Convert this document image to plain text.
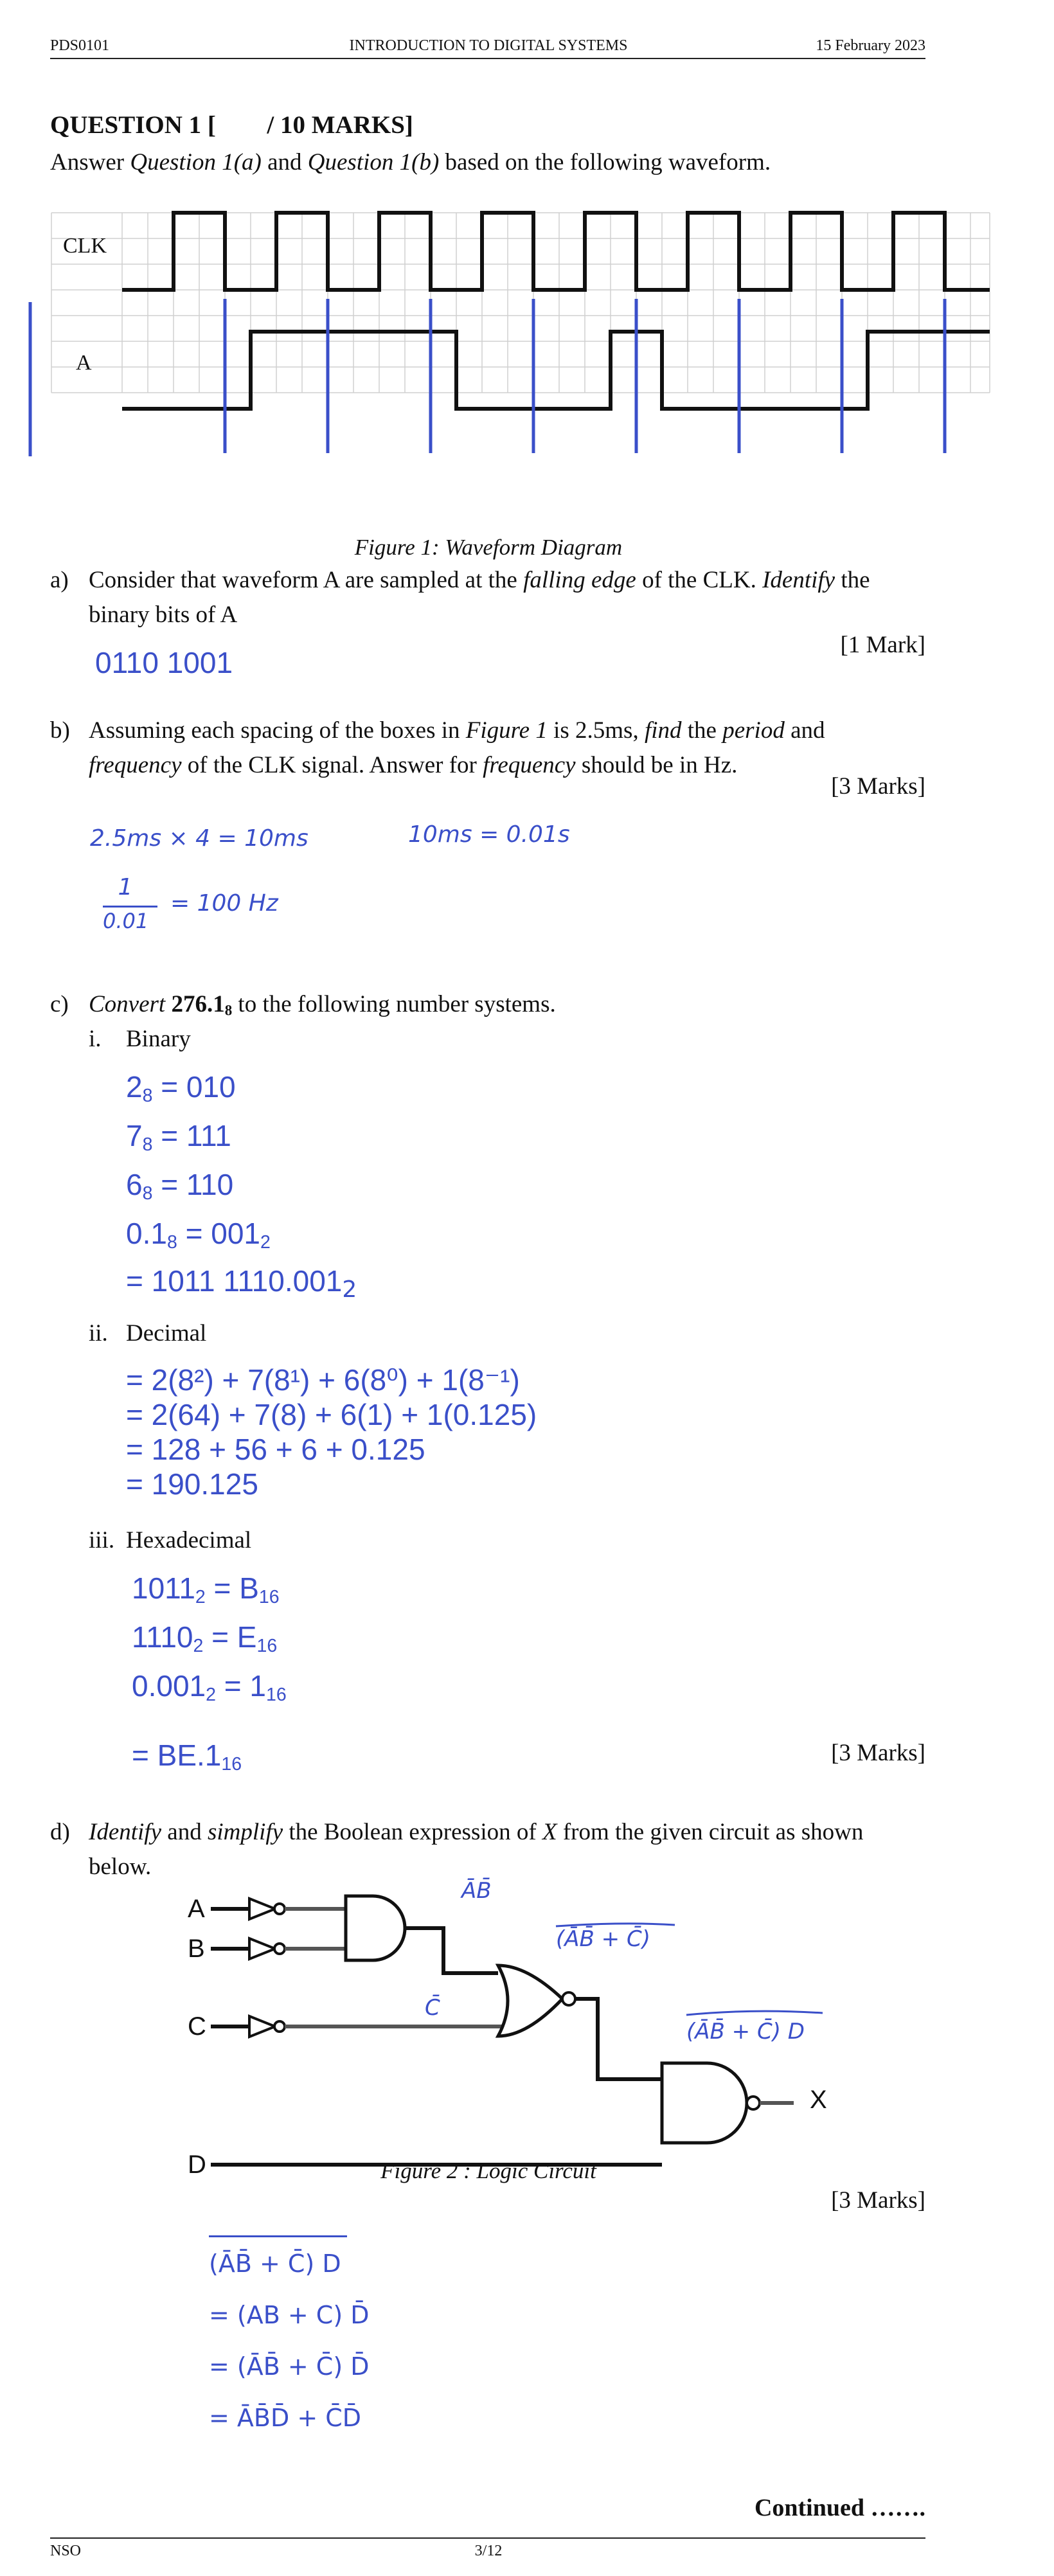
PDS0101	INTRODUCTION TO DIGITAL SYSTEMS	15 February 2023
QUESTION 1 [ / 10 MARKS]
Answer Question 1(a) and Question 1(b) based on the following waveform.
CLK
A
Figure 1: Waveform Diagram
a) Consider that waveform A are sampled at the falling edge of the CLK. Identify the
binary bits of A
0110 1001
[1 Mark]
b) Assuming each spacing of the boxes in Figure 1 is 2.5ms, find the period and
frequency of the CLK signal. Answer for frequency should be in Hz.
[3 Marks]
2.5ms × 4 = 10ms	10ms = 0.01s
1
0.01
= 100 Hz
c) Convert $276.1_8$ to the following number systems.
i. Binary
$2_8 = 010$
$7_8 = 111$
$6_8 = 110$
$0.1_8 = 001_2$
= 1011 $1110.001_2$
ii. Decimal
= 2(8²) + 7(8¹) + 6(8⁰) + 1(8⁻¹)
= 2(64) + 7(8) + 6(1) + 1(0.125)
= 128 + 56 + 6 + 0.125
= 190.125
iii. Hexadecimal
$1011_2 = B_{16}$
$1110_2 = E_{16}$
$0.001_2 = 1_{16}$
= $BE.1_{16}$	[3 Marks]
d) Identify and simplify the Boolean expression of X from the given circuit as shown
below.
A
B
C
D
X
ĀB̄
(ĀB̄ + C̄)
C̄
(ĀB̄ + C̄) D
Figure 2 : Logic Circuit
[3 Marks]
(ĀB̄ + C̄) D
= (AB + C) D̄
= (ĀB̄ + C̄) D̄
= ĀB̄D̄ + C̄D̄
Continued …….
NSO	3/12
